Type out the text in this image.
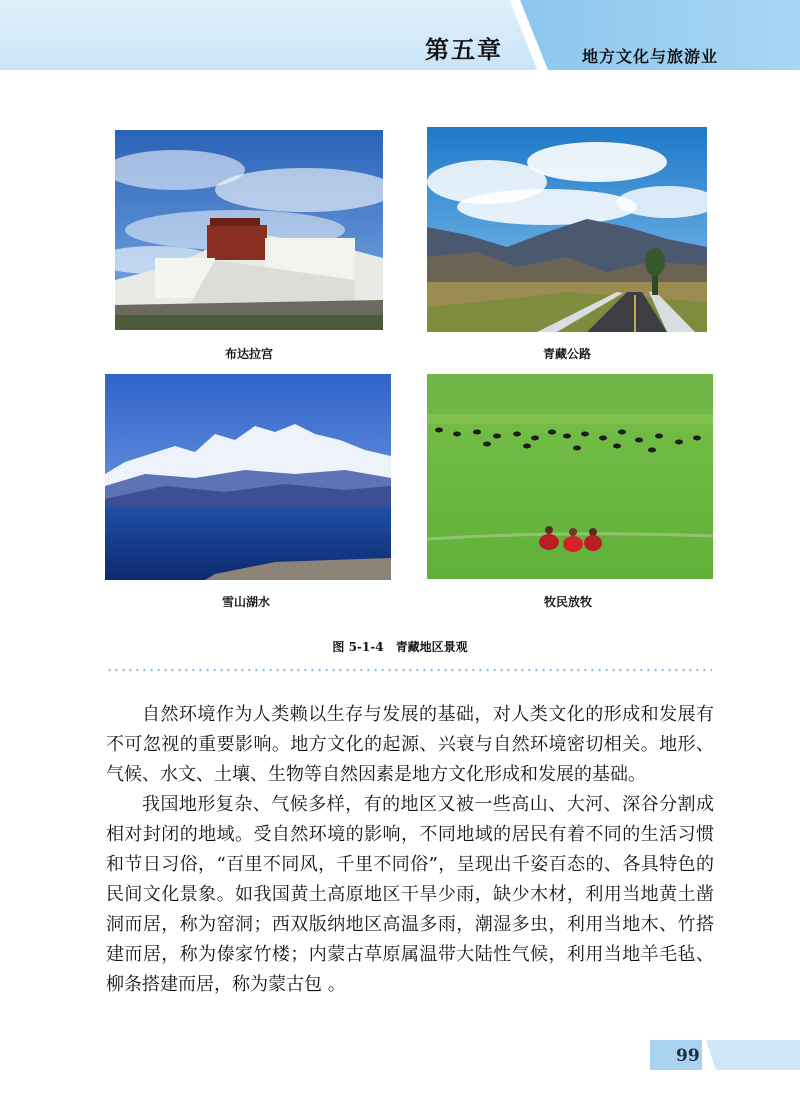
第五章	地方文化与旅游业
布达拉宫	青藏公路
雪山湖水	牧民放牧
图 5-1-4　青藏地区景观

自然环境作为人类赖以生存与发展的基础，对人类文化的形成和发展有不可忽视的重要影响。地方文化的起源、兴衰与自然环境密切相关。地形、气候、水文、土壤、生物等自然因素是地方文化形成和发展的基础。

我国地形复杂、气候多样，有的地区又被一些高山、大河、深谷分割成相对封闭的地域。受自然环境的影响，不同地域的居民有着不同的生活习惯和节日习俗，“百里不同风，千里不同俗”，呈现出千姿百态的、各具特色的民间文化景象。如我国黄土高原地区干旱少雨，缺少木材，利用当地黄土凿洞而居，称为窑洞；西双版纳地区高温多雨，潮湿多虫，利用当地木、竹搭建而居，称为傣家竹楼；内蒙古草原属温带大陆性气候，利用当地羊毛毡、柳条搭建而居，称为蒙古包 。

99
